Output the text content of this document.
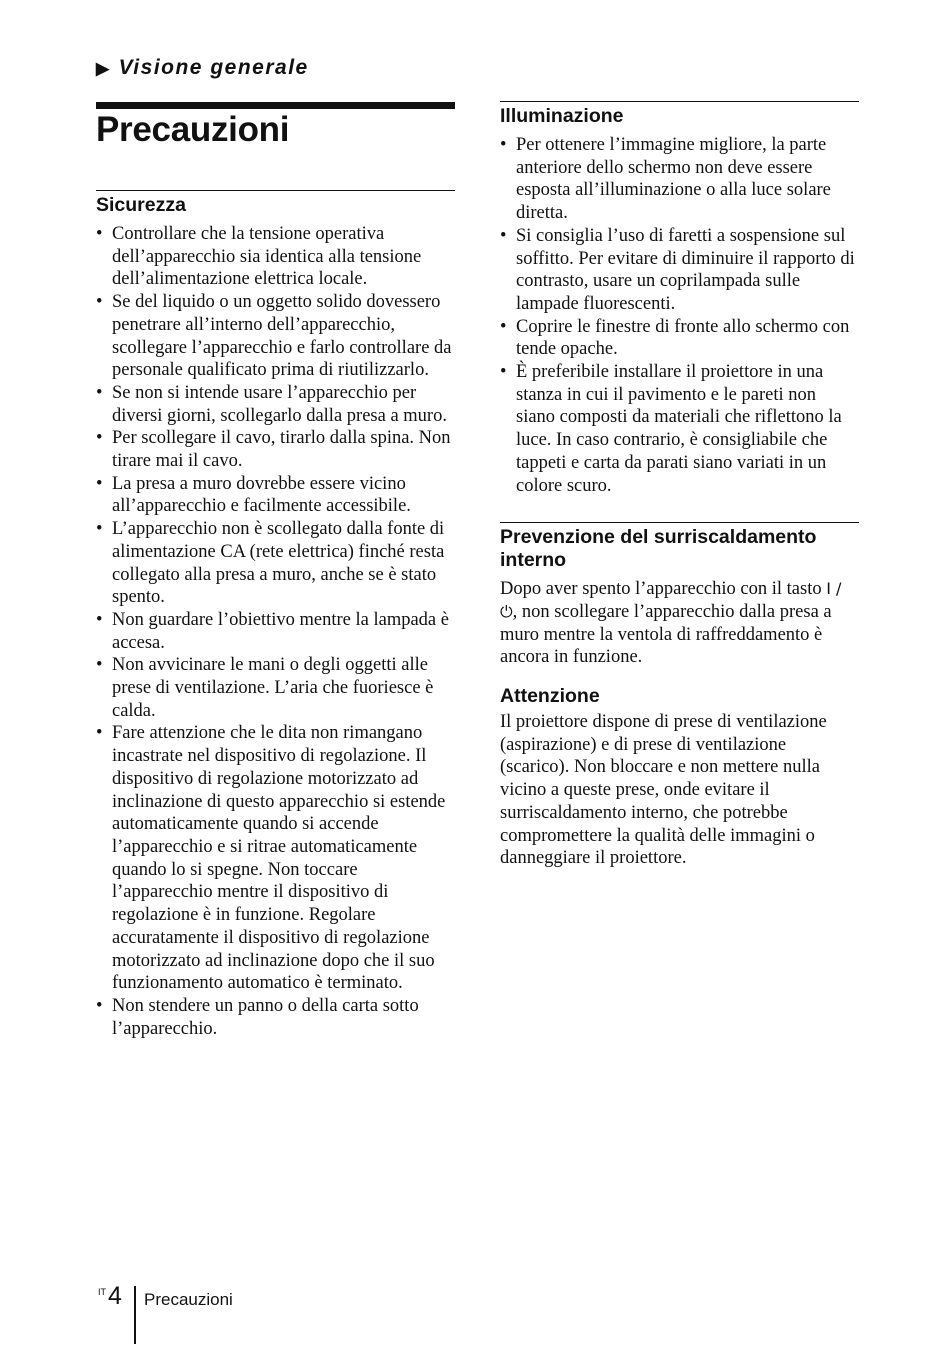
▶ Visione generale
Precauzioni
Sicurezza
• Controllare che la tensione operativa dell’apparecchio sia identica alla tensione dell’alimentazione elettrica locale.
• Se del liquido o un oggetto solido dovessero penetrare all’interno dell’apparecchio, scollegare l’apparecchio e farlo controllare da personale qualificato prima di riutilizzarlo.
• Se non si intende usare l’apparecchio per diversi giorni, scollegarlo dalla presa a muro.
• Per scollegare il cavo, tirarlo dalla spina. Non tirare mai il cavo.
• La presa a muro dovrebbe essere vicino all’apparecchio e facilmente accessibile.
• L’apparecchio non è scollegato dalla fonte di alimentazione CA (rete elettrica) finché resta collegato alla presa a muro, anche se è stato spento.
• Non guardare l’obiettivo mentre la lampada è accesa.
• Non avvicinare le mani o degli oggetti alle prese di ventilazione. L’aria che fuoriesce è calda.
• Fare attenzione che le dita non rimangano incastrate nel dispositivo di regolazione. Il dispositivo di regolazione motorizzato ad inclinazione di questo apparecchio si estende automaticamente quando si accende l’apparecchio e si ritrae automaticamente quando lo si spegne. Non toccare l’apparecchio mentre il dispositivo di regolazione è in funzione. Regolare accuratamente il dispositivo di regolazione motorizzato ad inclinazione dopo che il suo funzionamento automatico è terminato.
• Non stendere un panno o della carta sotto l’apparecchio.
Illuminazione
• Per ottenere l’immagine migliore, la parte anteriore dello schermo non deve essere esposta all’illuminazione o alla luce solare diretta.
• Si consiglia l’uso di faretti a sospensione sul soffitto. Per evitare di diminuire il rapporto di contrasto, usare un coprilampada sulle lampade fluorescenti.
• Coprire le finestre di fronte allo schermo con tende opache.
• È preferibile installare il proiettore in una stanza in cui il pavimento e le pareti non siano composti da materiali che riflettono la luce. In caso contrario, è consigliabile che tappeti e carta da parati siano variati in un colore scuro.
Prevenzione del surriscaldamento interno

Dopo aver spento l’apparecchio con il tasto I / ⏻, non scollegare l’apparecchio dalla presa a muro mentre la ventola di raffreddamento è ancora in funzione.

Attenzione

Il proiettore dispone di prese di ventilazione (aspirazione) e di prese di ventilazione (scarico). Non bloccare e non mettere nulla vicino a queste prese, onde evitare il surriscaldamento interno, che potrebbe compromettere la qualità delle immagini o danneggiare il proiettore.

IT 4 Precauzioni
